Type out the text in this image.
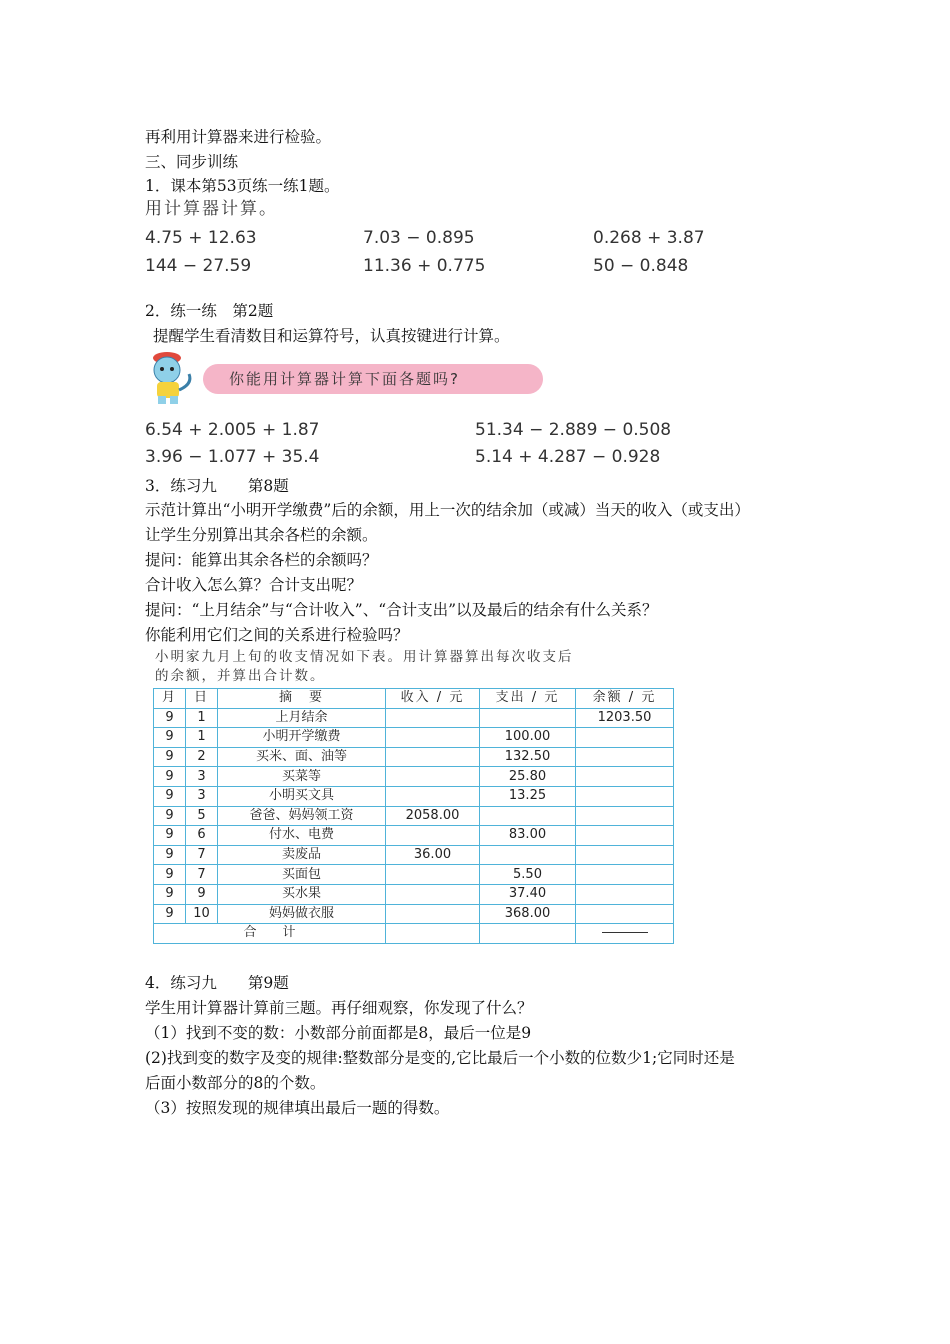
再利用计算器来进行检验。
三、同步训练
1．课本第53页练一练1题。
用计算器计算。
4.75 + 12.63	7.03 − 0.895	0.268 + 3.87
144 − 27.59	11.36 + 0.775	50 − 0.848
2．练一练　第2题
提醒学生看清数目和运算符号，认真按键进行计算。
你能用计算器计算下面各题吗?
6.54 + 2.005 + 1.87	51.34 − 2.889 − 0.508
3.96 − 1.077 + 35.4	5.14 + 4.287 − 0.928
3．练习九　　第8题
示范计算出“小明开学缴费”后的余额，用上一次的结余加（或减）当天的收入（或支出）
让学生分别算出其余各栏的余额。
提问：能算出其余各栏的余额吗？
合计收入怎么算？合计支出呢？
提问：“上月结余”与“合计收入”、“合计支出”以及最后的结余有什么关系？
你能利用它们之间的关系进行检验吗？
小明家九月上旬的收支情况如下表。用计算器算出每次收支后
的余额，并算出合计数。
月	日	摘　要	收入 / 元	支出 / 元	余额 / 元
9	1	上月结余			1203.50
9	1	小明开学缴费		100.00	
9	2	买米、面、油等		132.50	
9	3	买菜等		25.80	
9	3	小明买文具		13.25	
9	5	爸爸、妈妈领工资	2058.00		
9	6	付水、电费		83.00	
9	7	卖废品	36.00		
9	7	买面包		5.50	
9	9	买水果		37.40	
9	10	妈妈做衣服		368.00	
合　　计					
4．练习九　　第9题
学生用计算器计算前三题。再仔细观察，你发现了什么？
（1）找到不变的数：小数部分前面都是8，最后一位是9
(2)找到变的数字及变的规律:整数部分是变的,它比最后一个小数的位数少1;它同时还是
后面小数部分的8的个数。
（3）按照发现的规律填出最后一题的得数。
